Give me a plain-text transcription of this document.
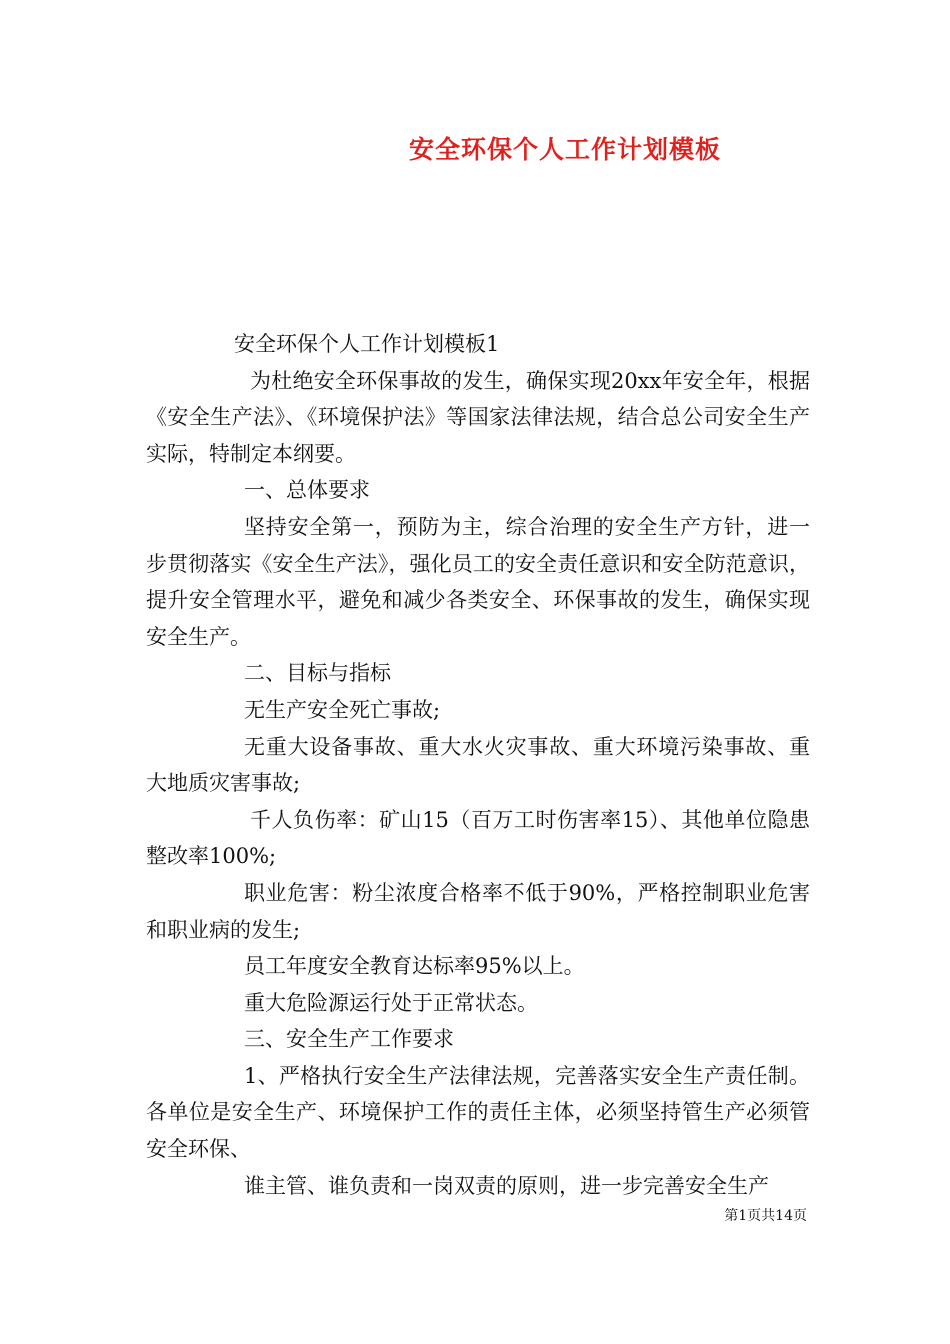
安全环保个人工作计划模板

安全环保个人工作计划模板1

为杜绝安全环保事故的发生，确保实现20xx年安全年，根据《安全生产法》、《环境保护法》等国家法律法规，结合总公司安全生产实际，特制定本纲要。

一、总体要求

坚持安全第一，预防为主，综合治理的安全生产方针，进一步贯彻落实《安全生产法》，强化员工的安全责任意识和安全防范意识，提升安全管理水平，避免和减少各类安全、环保事故的发生，确保实现安全生产。

二、目标与指标

无生产安全死亡事故;

无重大设备事故、重大水火灾事故、重大环境污染事故、重大地质灾害事故;

千人负伤率：矿山15（百万工时伤害率15）、其他单位隐患整改率100%;

职业危害：粉尘浓度合格率不低于90%，严格控制职业危害和职业病的发生;

员工年度安全教育达标率95%以上。

重大危险源运行处于正常状态。

三、安全生产工作要求

1、严格执行安全生产法律法规，完善落实安全生产责任制。各单位是安全生产、环境保护工作的责任主体，必须坚持管生产必须管安全环保、

谁主管、谁负责和一岗双责的原则，进一步完善安全生产

第1页共14页
